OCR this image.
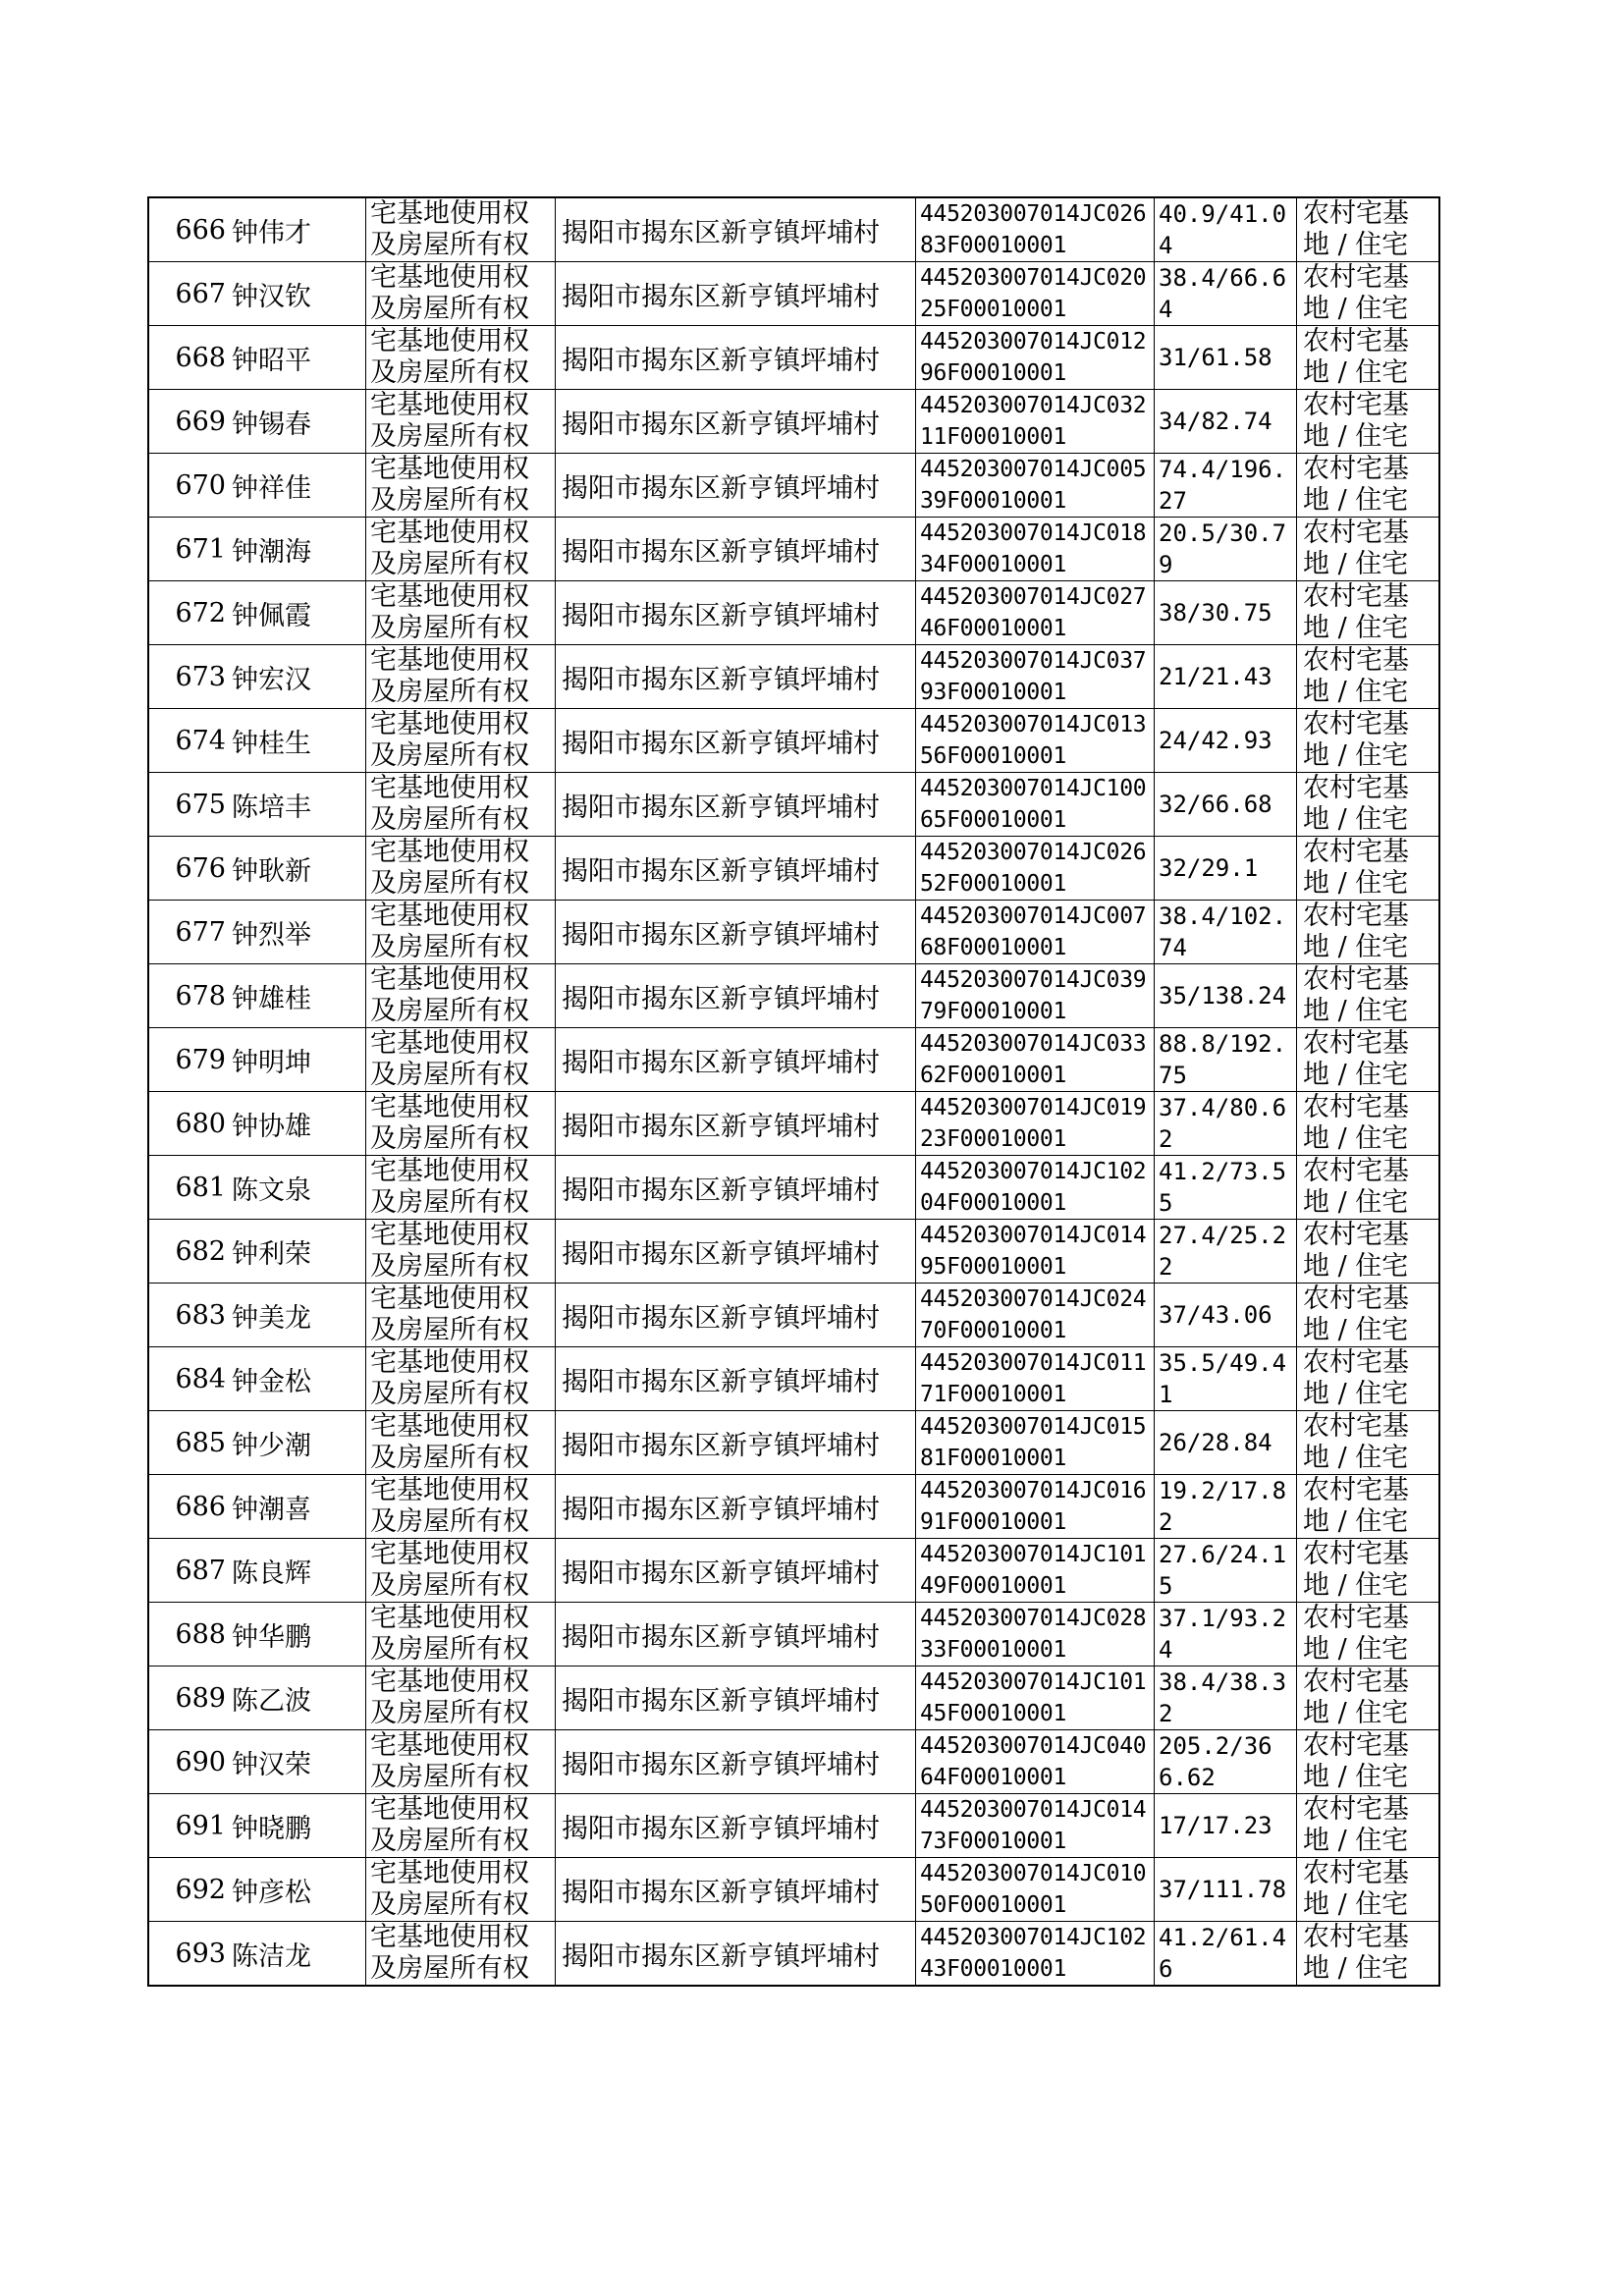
666	钟伟才	宅基地使用权
及房屋所有权	揭阳市揭东区新亨镇坪埔村	445203007014JC02683F00010001	40.9/41.04	农村宅基
地 / 住宅

667	钟汉钦	宅基地使用权
及房屋所有权	揭阳市揭东区新亨镇坪埔村	445203007014JC02025F00010001	38.4/66.64	农村宅基
地 / 住宅

668	钟昭平	宅基地使用权
及房屋所有权	揭阳市揭东区新亨镇坪埔村	445203007014JC01296F00010001	31/61.58	农村宅基
地 / 住宅

669	钟锡春	宅基地使用权
及房屋所有权	揭阳市揭东区新亨镇坪埔村	445203007014JC03211F00010001	34/82.74	农村宅基
地 / 住宅

670	钟祥佳	宅基地使用权
及房屋所有权	揭阳市揭东区新亨镇坪埔村	445203007014JC00539F00010001	74.4/196.27	农村宅基
地 / 住宅

671	钟潮海	宅基地使用权
及房屋所有权	揭阳市揭东区新亨镇坪埔村	445203007014JC01834F00010001	20.5/30.79	农村宅基
地 / 住宅

672	钟佩霞	宅基地使用权
及房屋所有权	揭阳市揭东区新亨镇坪埔村	445203007014JC02746F00010001	38/30.75	农村宅基
地 / 住宅

673	钟宏汉	宅基地使用权
及房屋所有权	揭阳市揭东区新亨镇坪埔村	445203007014JC03793F00010001	21/21.43	农村宅基
地 / 住宅

674	钟桂生	宅基地使用权
及房屋所有权	揭阳市揭东区新亨镇坪埔村	445203007014JC01356F00010001	24/42.93	农村宅基
地 / 住宅

675	陈培丰	宅基地使用权
及房屋所有权	揭阳市揭东区新亨镇坪埔村	445203007014JC10065F00010001	32/66.68	农村宅基
地 / 住宅

676	钟耿新	宅基地使用权
及房屋所有权	揭阳市揭东区新亨镇坪埔村	445203007014JC02652F00010001	32/29.1	农村宅基
地 / 住宅

677	钟烈举	宅基地使用权
及房屋所有权	揭阳市揭东区新亨镇坪埔村	445203007014JC00768F00010001	38.4/102.74	农村宅基
地 / 住宅

678	钟雄桂	宅基地使用权
及房屋所有权	揭阳市揭东区新亨镇坪埔村	445203007014JC03979F00010001	35/138.24	农村宅基
地 / 住宅

679	钟明坤	宅基地使用权
及房屋所有权	揭阳市揭东区新亨镇坪埔村	445203007014JC03362F00010001	88.8/192.75	农村宅基
地 / 住宅

680	钟协雄	宅基地使用权
及房屋所有权	揭阳市揭东区新亨镇坪埔村	445203007014JC01923F00010001	37.4/80.62	农村宅基
地 / 住宅

681	陈文泉	宅基地使用权
及房屋所有权	揭阳市揭东区新亨镇坪埔村	445203007014JC10204F00010001	41.2/73.55	农村宅基
地 / 住宅

682	钟利荣	宅基地使用权
及房屋所有权	揭阳市揭东区新亨镇坪埔村	445203007014JC01495F00010001	27.4/25.22	农村宅基
地 / 住宅

683	钟美龙	宅基地使用权
及房屋所有权	揭阳市揭东区新亨镇坪埔村	445203007014JC02470F00010001	37/43.06	农村宅基
地 / 住宅

684	钟金松	宅基地使用权
及房屋所有权	揭阳市揭东区新亨镇坪埔村	445203007014JC01171F00010001	35.5/49.41	农村宅基
地 / 住宅

685	钟少潮	宅基地使用权
及房屋所有权	揭阳市揭东区新亨镇坪埔村	445203007014JC01581F00010001	26/28.84	农村宅基
地 / 住宅

686	钟潮喜	宅基地使用权
及房屋所有权	揭阳市揭东区新亨镇坪埔村	445203007014JC01691F00010001	19.2/17.82	农村宅基
地 / 住宅

687	陈良辉	宅基地使用权
及房屋所有权	揭阳市揭东区新亨镇坪埔村	445203007014JC10149F00010001	27.6/24.15	农村宅基
地 / 住宅

688	钟华鹏	宅基地使用权
及房屋所有权	揭阳市揭东区新亨镇坪埔村	445203007014JC02833F00010001	37.1/93.24	农村宅基
地 / 住宅

689	陈乙波	宅基地使用权
及房屋所有权	揭阳市揭东区新亨镇坪埔村	445203007014JC10145F00010001	38.4/38.32	农村宅基
地 / 住宅

690	钟汉荣	宅基地使用权
及房屋所有权	揭阳市揭东区新亨镇坪埔村	445203007014JC04064F00010001	205.2/366.62	农村宅基
地 / 住宅

691	钟晓鹏	宅基地使用权
及房屋所有权	揭阳市揭东区新亨镇坪埔村	445203007014JC01473F00010001	17/17.23	农村宅基
地 / 住宅

692	钟彦松	宅基地使用权
及房屋所有权	揭阳市揭东区新亨镇坪埔村	445203007014JC01050F00010001	37/111.78	农村宅基
地 / 住宅

693	陈洁龙	宅基地使用权
及房屋所有权	揭阳市揭东区新亨镇坪埔村	445203007014JC10243F00010001	41.2/61.46	农村宅基
地 / 住宅
